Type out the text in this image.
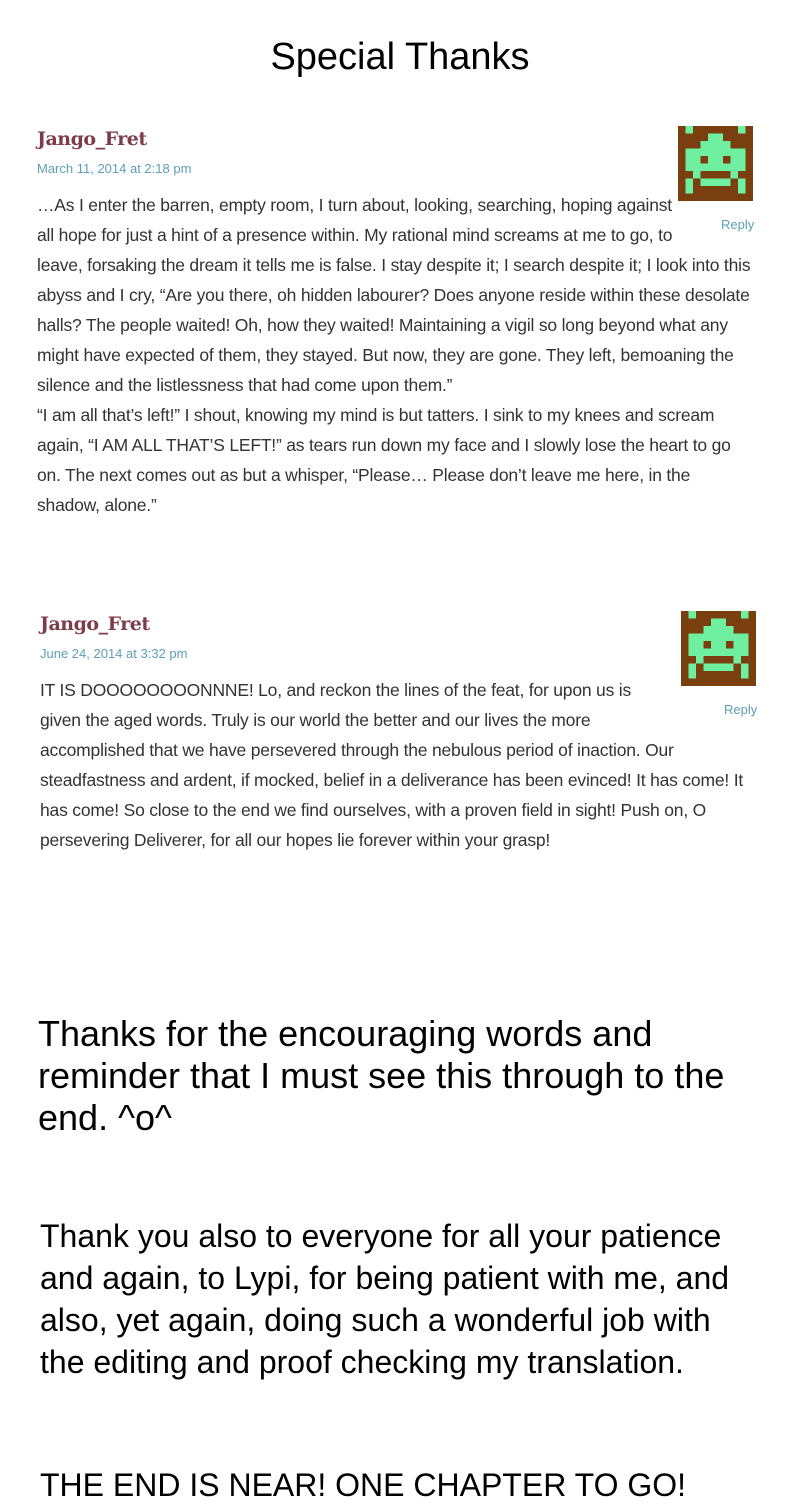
Special Thanks
Jango_Fret
March 11, 2014 at 2:18 pm
Reply

…As I enter the barren, empty room, I turn about, looking, searching, hoping against all hope for just a hint of a presence within. My rational mind screams at me to go, to leave, forsaking the dream it tells me is false. I stay despite it; I search despite it; I look into this abyss and I cry, “Are you there, oh hidden labourer? Does anyone reside within these desolate halls? The people waited! Oh, how they waited! Maintaining a vigil so long beyond what any might have expected of them, they stayed. But now, they are gone. They left, bemoaning the silence and the listlessness that had come upon them.”

“I am all that’s left!” I shout, knowing my mind is but tatters. I sink to my knees and scream again, “I AM ALL THAT’S LEFT!” as tears run down my face and I slowly lose the heart to go on. The next comes out as but a whisper, “Please… Please don’t leave me here, in the shadow, alone.”

Jango_Fret
June 24, 2014 at 3:32 pm
Reply

IT IS DOOOOOOOONNNE! Lo, and reckon the lines of the feat, for upon us is given the aged words. Truly is our world the better and our lives the more accomplished that we have persevered through the nebulous period of inaction. Our steadfastness and ardent, if mocked, belief in a deliverance has been evinced! It has come! It has come! So close to the end we find ourselves, with a proven field in sight! Push on, O persevering Deliverer, for all our hopes lie forever within your grasp!

Thanks for the encouraging words and reminder that I must see this through to the end. ^o^
Thank you also to everyone for all your patience and again, to Lypi, for being patient with me, and also, yet again, doing such a wonderful job with the editing and proof checking my translation.
THE END IS NEAR! ONE CHAPTER TO GO!
